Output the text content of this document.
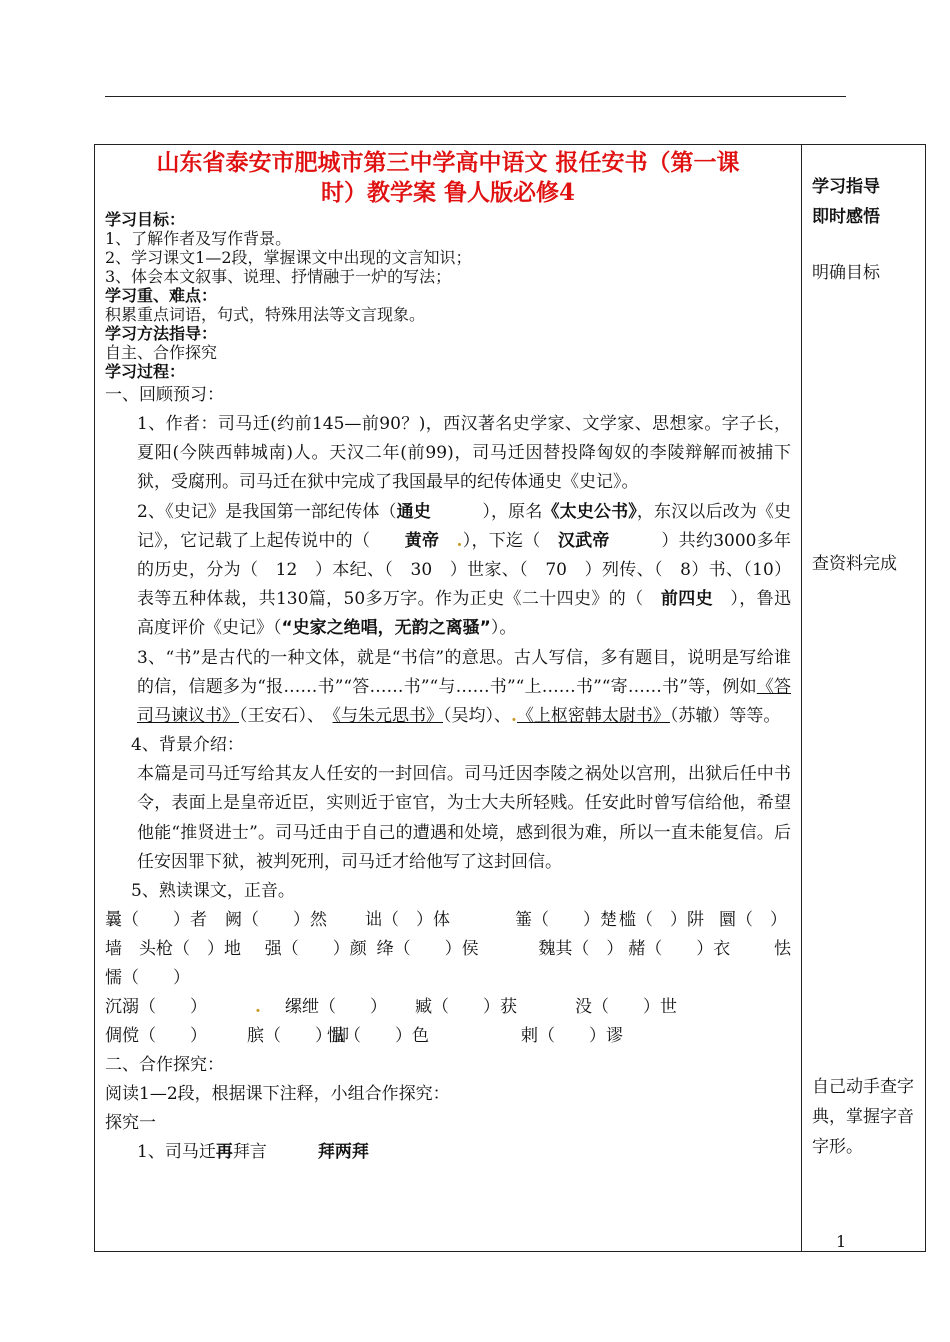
山东省泰安市肥城市第三中学高中语文 报任安书（第一课
时）教学案 鲁人版必修4
学习目标：
1、了解作者及写作背景。
2、学习课文1—2段，掌握课文中出现的文言知识；
3、体会本文叙事、说理、抒情融于一炉的写法；
学习重、难点：
积累重点词语，句式，特殊用法等文言现象。
学习方法指导：
自主、合作探究
学习过程：
一、回顾预习：
1、作者：司马迁(约前145—前90？)，西汉著名史学家、文学家、思想家。字子长，夏阳(今陕西韩城南)人。天汉二年(前99)，司马迁因替投降匈奴的李陵辩解而被捕下狱，受腐刑。司马迁在狱中完成了我国最早的纪传体通史《史记》。
2、《史记》是我国第一部纪传体（通史　　　	），原名《太史公书》，东汉以后改为《史记》，它记载了上起传说中的（　　 黄帝　 .），下迄（　 汉武帝　　　	）共约3000多年的历史，分为（　 12　 ）本纪、（　 30　 ）世家、（　 70　 ）列传、（　 8）书、（10）表等五种体裁，共130篇，50多万字。作为正史《二十四史》的（　 前四史　 ），鲁迅高度评价《史记》（“史家之绝唱，无韵之离骚”）。
3、“书”是古代的一种文体，就是“书信”的意思。古人写信，多有题目，说明是写给谁的信，信题多为“报……书”“答……书”“与……书”“上……书”“寄……书”等，例如《答司马谏议书》（王安石）、　 《与朱元思书》（吴均）、.《上枢密韩太尉书》（苏辙）等等。
4、背景介绍：
本篇是司马迁写给其友人任安的一封回信。司马迁因李陵之祸处以宫刑，出狱后任中书令，表面上是皇帝近臣，实则近于宦官，为士大夫所轻贱。任安此时曾写信给他，希望他能“推贤进士”。司马迁由于自己的遭遇和处境，感到很为难，所以一直未能复信。后任安因罪下狱，被判死刑，司马迁才给他写了这封回信。
5、熟读课文，正音。
曩（　　）者	阙（　　）然	诎（　）体	箠（　　）楚 槛（　）阱 圜（　）
墙　头枪（　）地	强（　　）颜 绛（　　）侯	魏其（　） 赭（　　）衣	怯
懦（　　）
沉溺（　　）	.	缧绁（　　）	臧（　　）获	没（　　）世
倜傥（　　）	膑（　　）脚
愠（　　）色	剌（　　）谬
二、合作探究：
阅读1—2段，根据课下注释，小组合作探究：
探究一
1、司马迁再拜言　　　	拜两拜
学习指导
即时感悟
明确目标
查资料完成
自己动手查字典，掌握字音字形。
1
